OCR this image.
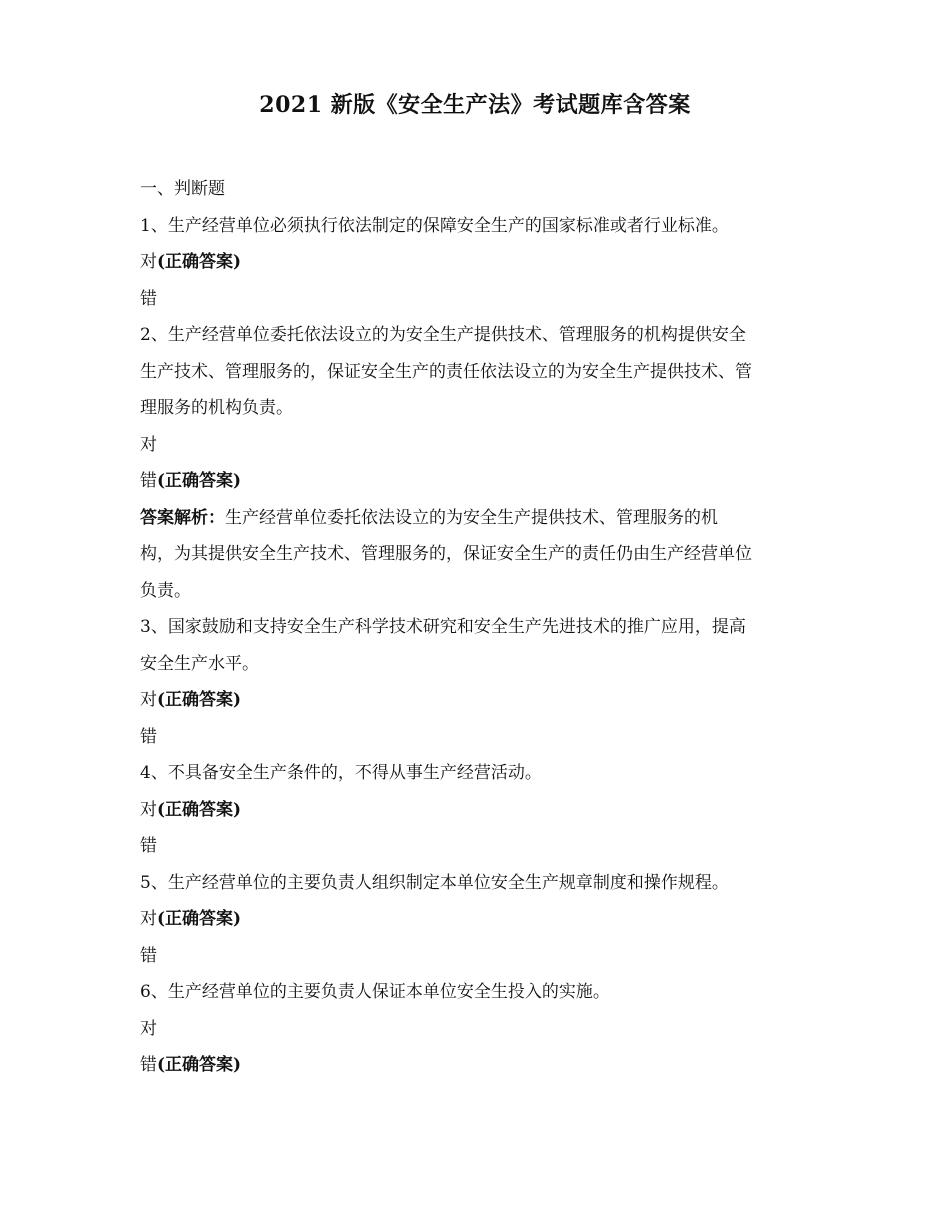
2021 新版《安全生产法》考试题库含答案

一、判断题

1、生产经营单位必须执行依法制定的保障安全生产的国家标准或者行业标准。

对(正确答案)

错

2、生产经营单位委托依法设立的为安全生产提供技术、管理服务的机构提供安全

生产技术、管理服务的，保证安全生产的责任依法设立的为安全生产提供技术、管

理服务的机构负责。

对

错(正确答案)

答案解析：生产经营单位委托依法设立的为安全生产提供技术、管理服务的机

构，为其提供安全生产技术、管理服务的，保证安全生产的责任仍由生产经营单位

负责。

3、国家鼓励和支持安全生产科学技术研究和安全生产先进技术的推广应用，提高

安全生产水平。

对(正确答案)

错

4、不具备安全生产条件的，不得从事生产经营活动。

对(正确答案)

错

5、生产经营单位的主要负责人组织制定本单位安全生产规章制度和操作规程。

对(正确答案)

错

6、生产经营单位的主要负责人保证本单位安全生投入的实施。

对

错(正确答案)
